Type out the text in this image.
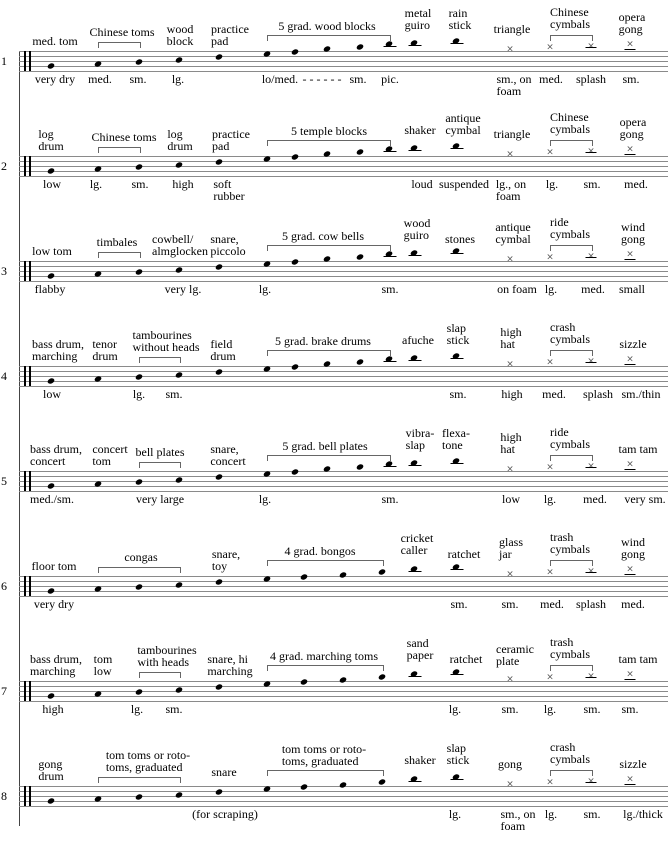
1
×	×	×
med. tom
Chinese toms wood
block
practice
pad
5 grad. wood blocks
metal
guiro
rain
stick triangle
Chinese
cymbals opera
gong
very dry med. sm. lg.	lo/med. - - - - - - sm. pic.	sm., on
foam
med. splash sm.
2
×	×	×
log
drum
Chinese toms log
drum
practice
pad
5 temple blocks	shaker
antique
cymbal triangle
Chinese
cymbals opera
gong
low lg. sm. high soft
rubber
loud suspended lg., on
foam
lg. sm. med.
3
×	×	×
low tom
timbales cowbell/
almglocken
snare,
piccolo
5 grad. cow bells
wood
guiro stones
antique
cymbal
ride
cymbals	wind
gong
flabby	very lg.	lg.	sm.	on foam lg. med. small
4
×	×	×
bass drum,
marching
tenor
drum
tambourines
without heads field
drum
5 grad. brake drums	afuche
slap
stick
high
hat
crash
cymbals sizzle
low	lg. sm.	sm.	high med. splash sm./thin
5
×	×	×
bass drum,
concert
concert
tom
bell plates snare,
concert
5 grad. bell plates
vibra-
slap
flexa-
tone
high
hat
ride
cymbals tam tam
med./sm.	very large	lg.	sm.	low lg. med. very sm.
6
×	×	×
floor tom
congas	snare,
toy
4 grad. bongos
cricket
caller	ratchet
glass
jar
trash
cymbals	wind
gong
very dry	sm.	sm. med. splash med.
7
×	×	×
bass drum,
marching
tom
low
tambourines
with heads	snare, hi
marching
4 grad. marching toms
sand
paper ratchet
ceramic
plate
trash
cymbals tam tam
high	lg. sm.	lg.	sm. lg. sm. sm.
8
×	×	×
gong
drum
tom toms or roto-
toms, graduated	snare
tom toms or roto-
toms, graduated	shaker
slap
stick gong
crash
cymbals sizzle
(for scraping)	lg.	sm., on
foam
lg. sm. lg./thick
